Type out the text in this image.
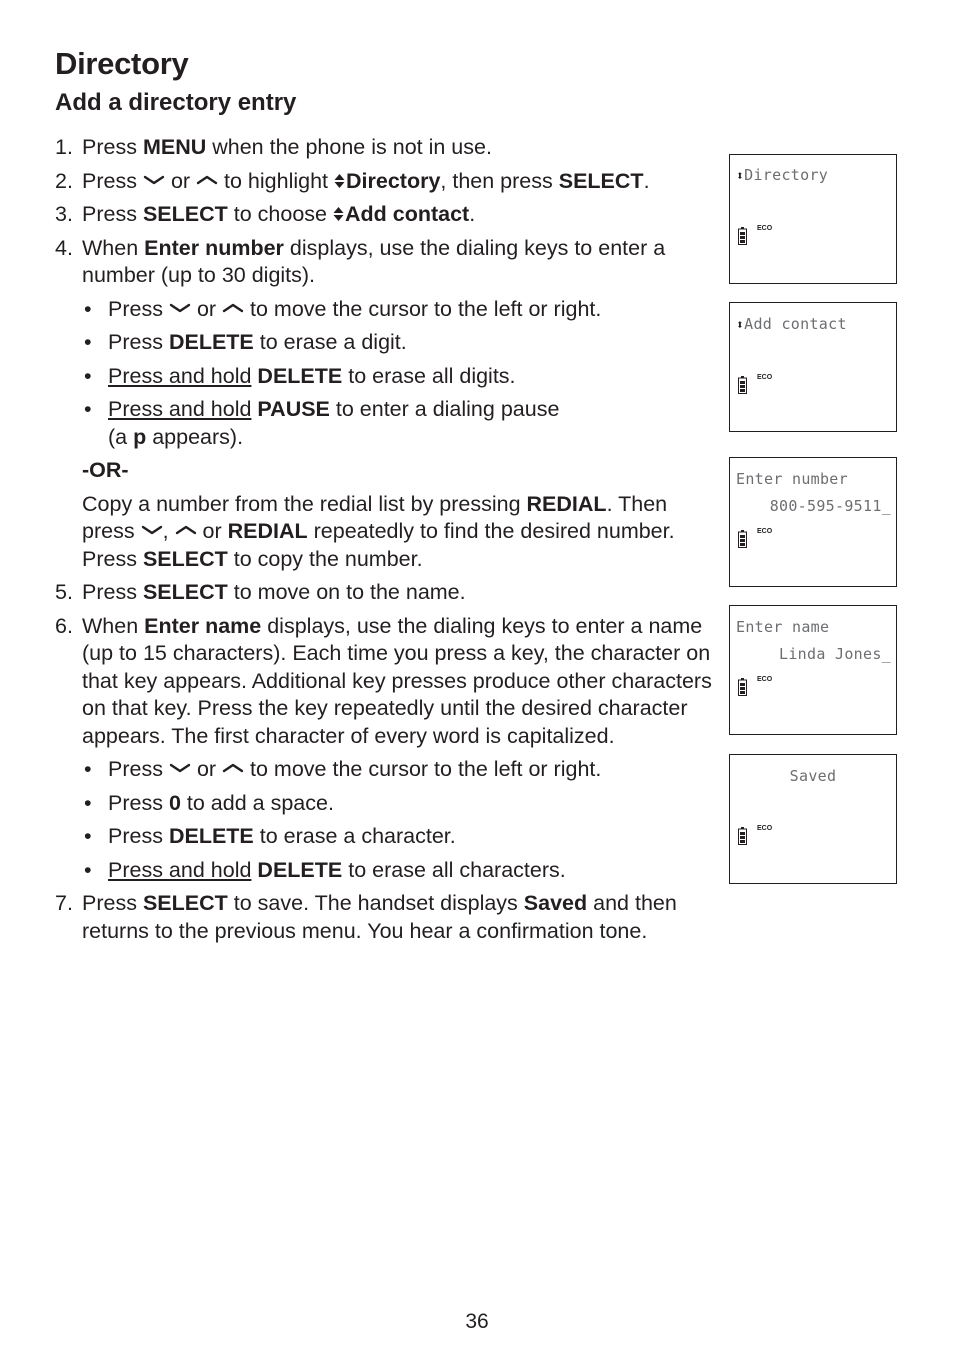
Directory
Add a directory entry
1. Press MENU when the phone is not in use.
2. Press or
to highlight
Directory, then press SELECT.
3. Press SELECT to choose
Add contact.
4. When Enter number displays, use the dialing keys to enter a number (up to 30 digits).
• Press or
to move the cursor to the left or right.
• Press DELETE to erase a digit.
• Press and hold DELETE to erase all digits.
• Press and hold PAUSE to enter a dialing pause
(a p appears).
-OR-
Copy a number from the redial list by pressing REDIAL. Then press , or REDIAL repeatedly to find the desired number. Press SELECT to copy the number.
5. Press SELECT to move on to the name.
6. When Enter name displays, use the dialing keys to enter a name (up to 15 characters). Each time you press a key, the character on that key appears. Additional key presses produce other characters on that key. Press the key repeatedly until the desired character appears. The first character of every word is capitalized.
• Press or
to move the cursor to the left or right.
• Press 0 to add a space.
• Press DELETE to erase a character.
• Press and hold DELETE to erase all characters.
7. Press SELECT to save. The handset displays Saved and then returns to the previous menu. You hear a confirmation tone.
⬍Directory
ECO
⬍Add contact
ECO
Enter number
800-595-9511_
ECO
Enter name
Linda Jones_
ECO
Saved
ECO
36
